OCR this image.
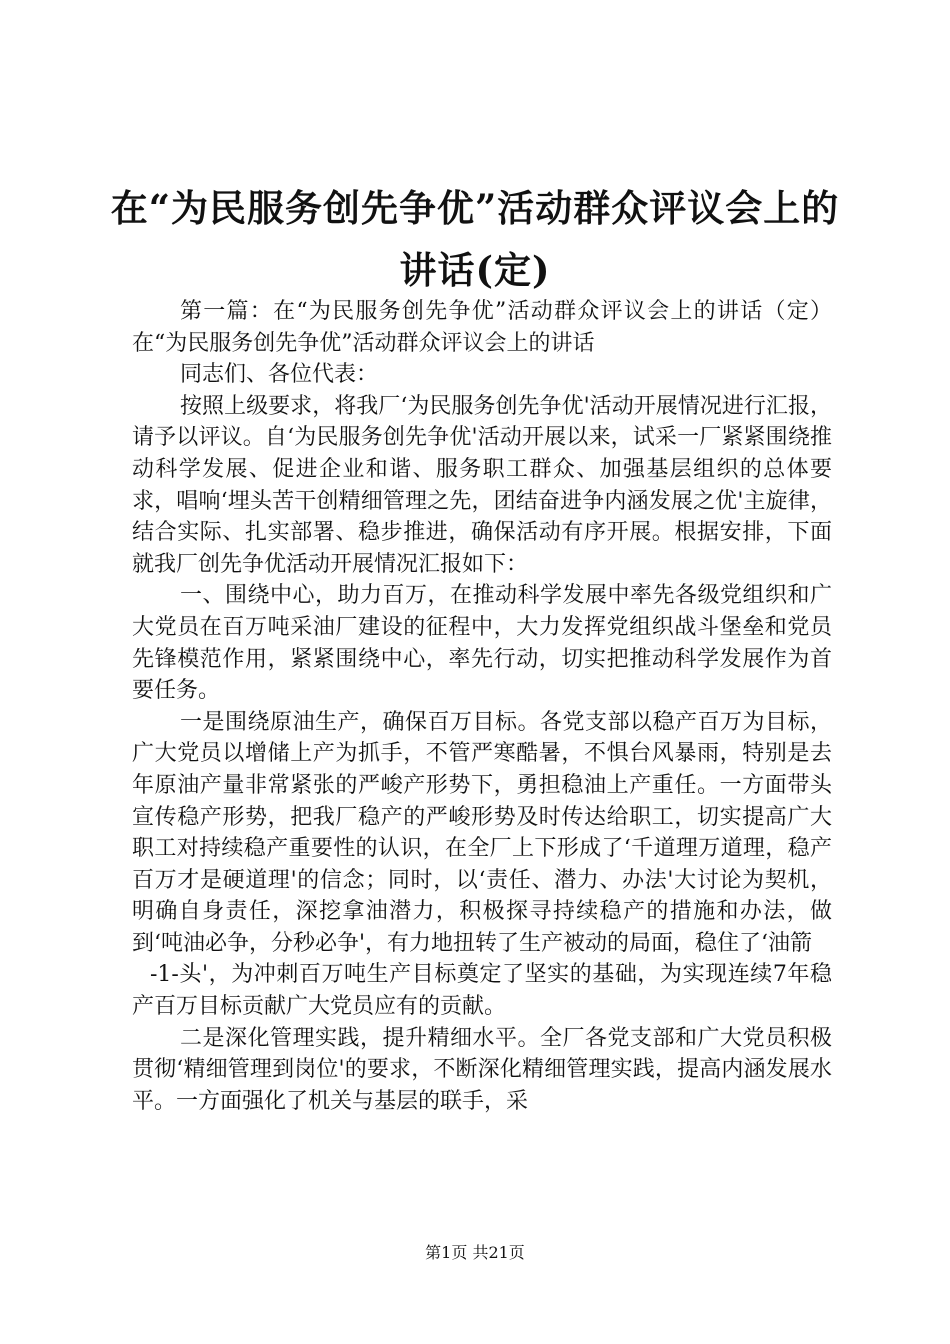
在“为民服务创先争优”活动群众评议会上的
讲话(定)

第一篇：在“为民服务创先争优”活动群众评议会上的讲话（定）在“为民服务创先争优”活动群众评议会上的讲话

同志们、各位代表：

按照上级要求，将我厂‘为民服务创先争优'活动开展情况进行汇报，请予以评议。自‘为民服务创先争优'活动开展以来，试采一厂紧紧围绕推动科学发展、促进企业和谐、服务职工群众、加强基层组织的总体要求，唱响‘埋头苦干创精细管理之先，团结奋进争内涵发展之优'主旋律，结合实际、扎实部署、稳步推进，确保活动有序开展。根据安排，下面就我厂创先争优活动开展情况汇报如下：

一、围绕中心，助力百万，在推动科学发展中率先各级党组织和广大党员在百万吨采油厂建设的征程中，大力发挥党组织战斗堡垒和党员先锋模范作用，紧紧围绕中心，率先行动，切实把推动科学发展作为首要任务。

一是围绕原油生产，确保百万目标。各党支部以稳产百万为目标，广大党员以增储上产为抓手，不管严寒酷暑，不惧台风暴雨，特别是去年原油产量非常紧张的严峻产形势下，勇担稳油上产重任。一方面带头宣传稳产形势，把我厂稳产的严峻形势及时传达给职工，切实提高广大职工对持续稳产重要性的认识，在全厂上下形成了‘千道理万道理，稳产百万才是硬道理'的信念；同时，以‘责任、潜力、办法'大讨论为契机，明确自身责任，深挖拿油潜力，积极探寻持续稳产的措施和办法，做到‘吨油必争，分秒必争'，有力地扭转了生产被动的局面，稳住了‘油箭

-1-头'，为冲刺百万吨生产目标奠定了坚实的基础，为实现连续7年稳产百万目标贡献广大党员应有的贡献。

二是深化管理实践，提升精细水平。全厂各党支部和广大党员积极贯彻‘精细管理到岗位'的要求，不断深化精细管理实践，提高内涵发展水平。一方面强化了机关与基层的联手，采

第1页 共21页
